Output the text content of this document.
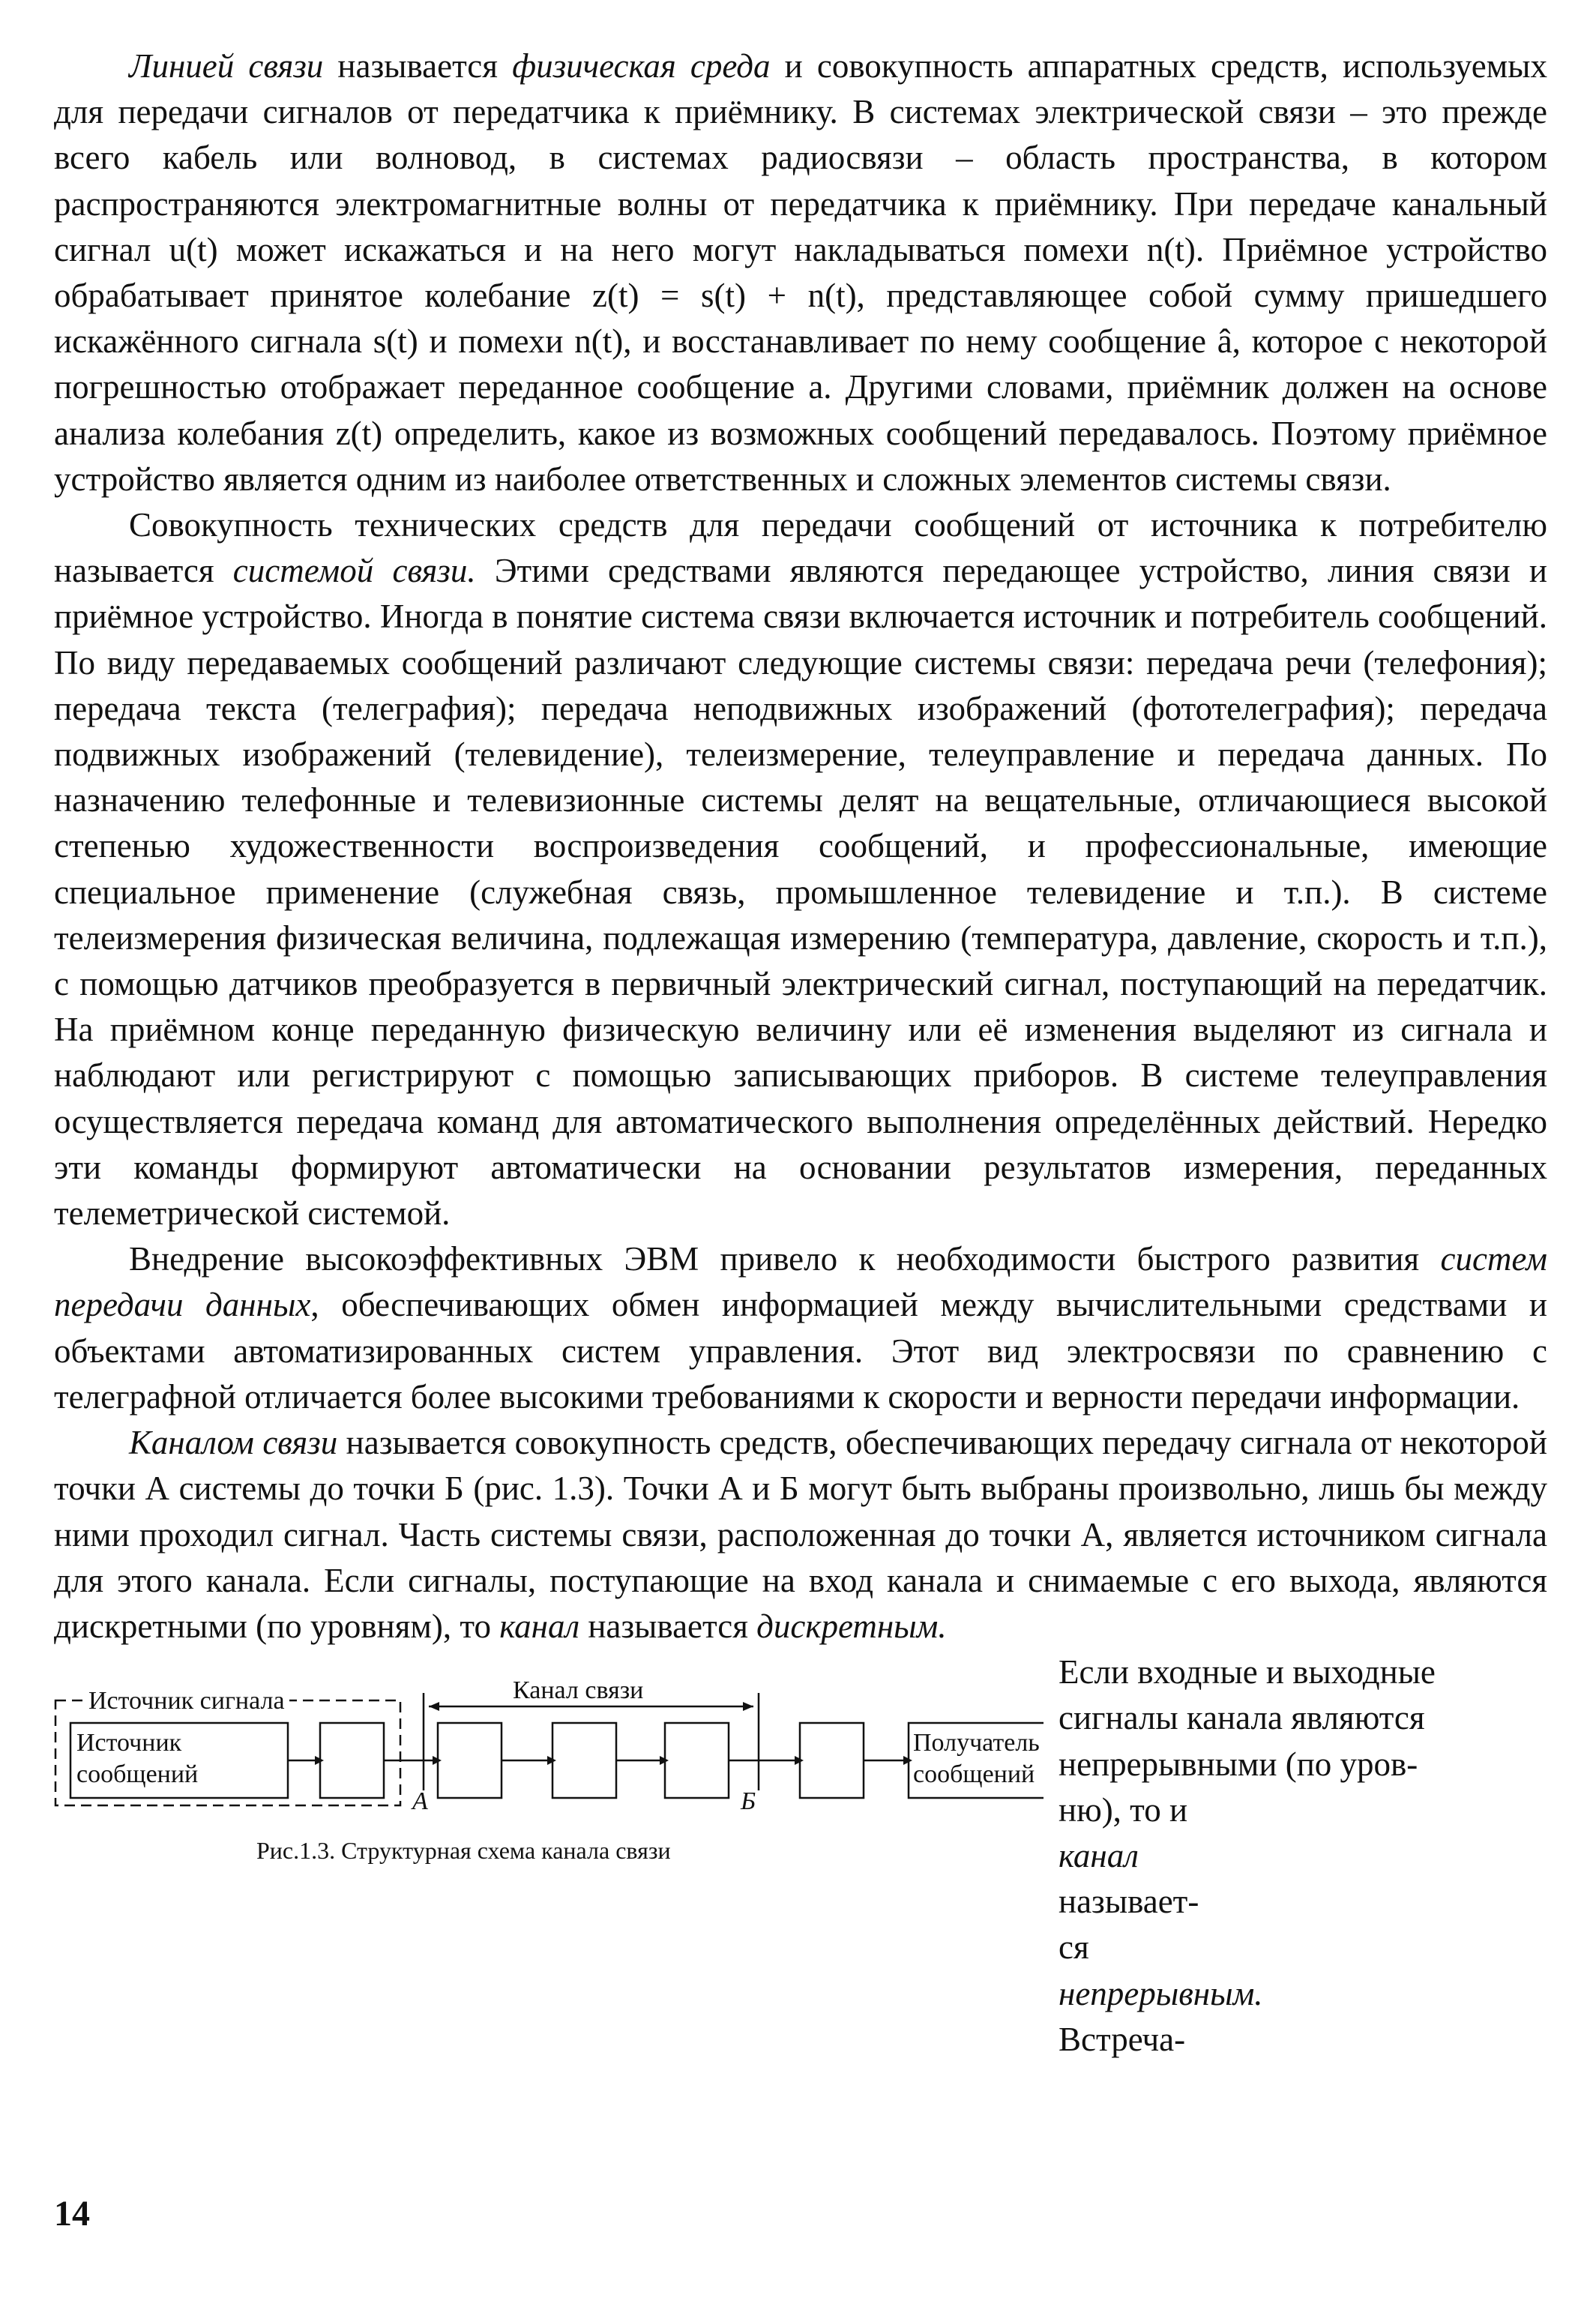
Линией связи называется физическая среда и совокупность аппаратных средств, используемых для передачи сигналов от передатчика к приёмнику. В системах электрической связи – это прежде всего кабель или волновод, в системах радиосвязи – область пространства, в котором распространяются электромагнитные волны от передатчика к приёмнику. При передаче канальный сигнал u(t) может искажаться и на него могут накладываться помехи n(t). Приёмное устройство обрабатывает принятое колебание z(t) = s(t) + n(t), представляющее собой сумму пришедшего искажённого сигнала s(t) и помехи n(t), и восстанавливает по нему сообщение â, которое с некоторой погрешностью отображает переданное сообщение a. Другими словами, приёмник должен на основе анализа колебания z(t) определить, какое из возможных сообщений передавалось. Поэтому приёмное устройство является одним из наиболее ответственных и сложных элементов системы связи.

Совокупность технических средств для передачи сообщений от источника к потребителю называется системой связи. Этими средствами являются передающее устройство, линия связи и приёмное устройство. Иногда в понятие система связи включается источник и потребитель сообщений. По виду передаваемых сообщений различают следующие системы связи: передача речи (телефония); передача текста (телеграфия); передача неподвижных изображений (фототелеграфия); передача подвижных изображений (телевидение), телеизмерение, телеуправление и передача данных. По назначению телефонные и телевизионные системы делят на вещательные, отличающиеся высокой степенью художественности воспроизведения сообщений, и профессиональные, имеющие специальное применение (служебная связь, промышленное телевидение и т.п.). В системе телеизмерения физическая величина, подлежащая измерению (температура, давление, скорость и т.п.), с помощью датчиков преобразуется в первичный электрический сигнал, поступающий на передатчик. На приёмном конце переданную физическую величину или её изменения выделяют из сигнала и наблюдают или регистрируют с помощью записывающих приборов. В системе телеуправления осуществляется передача команд для автоматического выполнения определённых действий. Нередко эти команды формируют автоматически на основании результатов измерения, переданных телеметрической системой.

Внедрение высокоэффективных ЭВМ привело к необходимости быстрого развития систем передачи данных, обеспечивающих обмен информацией между вычислительными средствами и объектами автоматизированных систем управления. Этот вид электросвязи по сравнению с телеграфной отличается более высокими требованиями к скорости и верности передачи информации.

Каналом связи называется совокупность средств, обеспечивающих передачу сигнала от некоторой точки А системы до точки Б (рис. 1.3). Точки А и Б могут быть выбраны произвольно, лишь бы между ними проходил сигнал. Часть системы связи, расположенная до точки А, является источником сигнала для этого канала. Если сигналы, поступающие на вход канала и снимаемые с его выхода, являются дискретными (по уровням), то канал называется дискретным.

Если входные и выходные
сигналы канала являются
непрерывными (по уров-
ню), то и
канал
называет-
ся
непрерывным.
Встреча-
Источник сигнала	Канал связи
Источник
сообщений
А	Б
Получатель
сообщений
Рис.1.3. Структурная схема канала связи
14
